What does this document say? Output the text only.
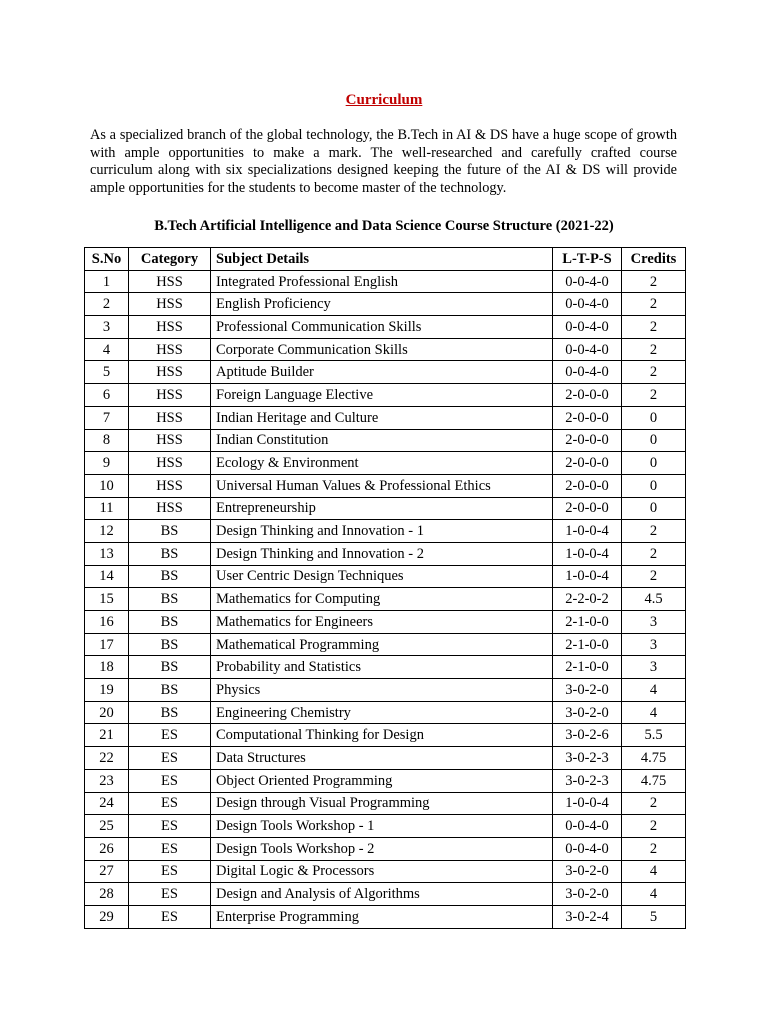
Curriculum

As a specialized branch of the global technology, the B.Tech in AI & DS have a huge scope of growth with ample opportunities to make a mark. The well-researched and carefully crafted course curriculum along with six specializations designed keeping the future of the AI & DS will provide ample opportunities for the students to become master of the technology.

B.Tech Artificial Intelligence and Data Science Course Structure (2021-22)
S.No	Category	Subject Details	L-T-P-S	Credits
1	HSS	Integrated Professional English	0-0-4-0	2
2	HSS	English Proficiency	0-0-4-0	2
3	HSS	Professional Communication Skills	0-0-4-0	2
4	HSS	Corporate Communication Skills	0-0-4-0	2
5	HSS	Aptitude Builder	0-0-4-0	2
6	HSS	Foreign Language Elective	2-0-0-0	2
7	HSS	Indian Heritage and Culture	2-0-0-0	0
8	HSS	Indian Constitution	2-0-0-0	0
9	HSS	Ecology & Environment	2-0-0-0	0
10	HSS	Universal Human Values & Professional Ethics	2-0-0-0	0
11	HSS	Entrepreneurship	2-0-0-0	0
12	BS	Design Thinking and Innovation - 1	1-0-0-4	2
13	BS	Design Thinking and Innovation - 2	1-0-0-4	2
14	BS	User Centric Design Techniques	1-0-0-4	2
15	BS	Mathematics for Computing	2-2-0-2	4.5
16	BS	Mathematics for Engineers	2-1-0-0	3
17	BS	Mathematical Programming	2-1-0-0	3
18	BS	Probability and Statistics	2-1-0-0	3
19	BS	Physics	3-0-2-0	4
20	BS	Engineering Chemistry	3-0-2-0	4
21	ES	Computational Thinking for Design	3-0-2-6	5.5
22	ES	Data Structures	3-0-2-3	4.75
23	ES	Object Oriented Programming	3-0-2-3	4.75
24	ES	Design through Visual Programming	1-0-0-4	2
25	ES	Design Tools Workshop - 1	0-0-4-0	2
26	ES	Design Tools Workshop - 2	0-0-4-0	2
27	ES	Digital Logic & Processors	3-0-2-0	4
28	ES	Design and Analysis of Algorithms	3-0-2-0	4
29	ES	Enterprise Programming	3-0-2-4	5
